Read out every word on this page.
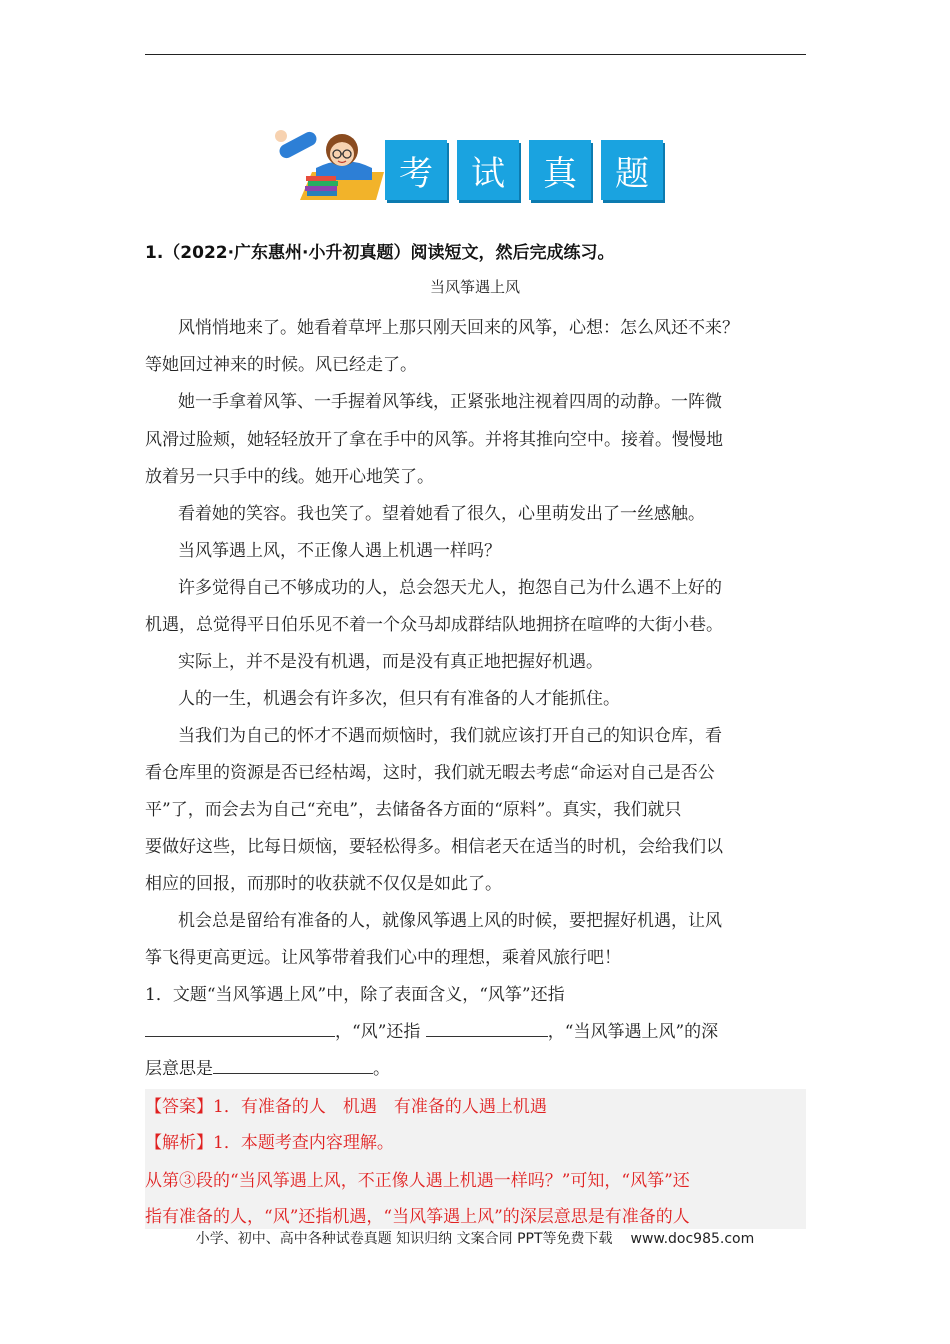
考	试	真	题
1.（2022·广东惠州·小升初真题）阅读短文，然后完成练习。
当风筝遇上风
风悄悄地来了。她看着草坪上那只刚天回来的风筝，心想：怎么风还不来？
等她回过神来的时候。风已经走了。
她一手拿着风筝、一手握着风筝线，正紧张地注视着四周的动静。一阵微
风滑过脸颊，她轻轻放开了拿在手中的风筝。并将其推向空中。接着。慢慢地
放着另一只手中的线。她开心地笑了。
看着她的笑容。我也笑了。望着她看了很久，心里萌发出了一丝感触。
当风筝遇上风，不正像人遇上机遇一样吗？
许多觉得自己不够成功的人，总会怨天尤人，抱怨自己为什么遇不上好的
机遇，总觉得平日伯乐见不着一个众马却成群结队地拥挤在喧哗的大街小巷。
实际上，并不是没有机遇，而是没有真正地把握好机遇。
人的一生，机遇会有许多次，但只有有准备的人才能抓住。
当我们为自己的怀才不遇而烦恼时，我们就应该打开自己的知识仓库，看
看仓库里的资源是否已经枯竭，这时，我们就无暇去考虑“命运对自己是否公
平”了，而会去为自己“充电”，去储备各方面的“原料”。真实，我们就只
要做好这些，比每日烦恼，要轻松得多。相信老天在适当的时机，会给我们以
相应的回报，而那时的收获就不仅仅是如此了。
机会总是留给有准备的人，就像风筝遇上风的时候，要把握好机遇，让风
筝飞得更高更远。让风筝带着我们心中的理想，乘着风旅行吧！
1．文题“当风筝遇上风”中，除了表面含义，“风筝”还指
，“风”还指	，“当风筝遇上风”的深
层意思是	。
【答案】1．有准备的人　机遇　有准备的人遇上机遇
【解析】1．本题考查内容理解。
从第③段的“当风筝遇上风，不正像人遇上机遇一样吗？”可知，“风筝”还
指有准备的人，“风”还指机遇，“当风筝遇上风”的深层意思是有准备的人
小学、初中、高中各种试卷真题 知识归纳 文案合同 PPT等免费下载 www.doc985.com
